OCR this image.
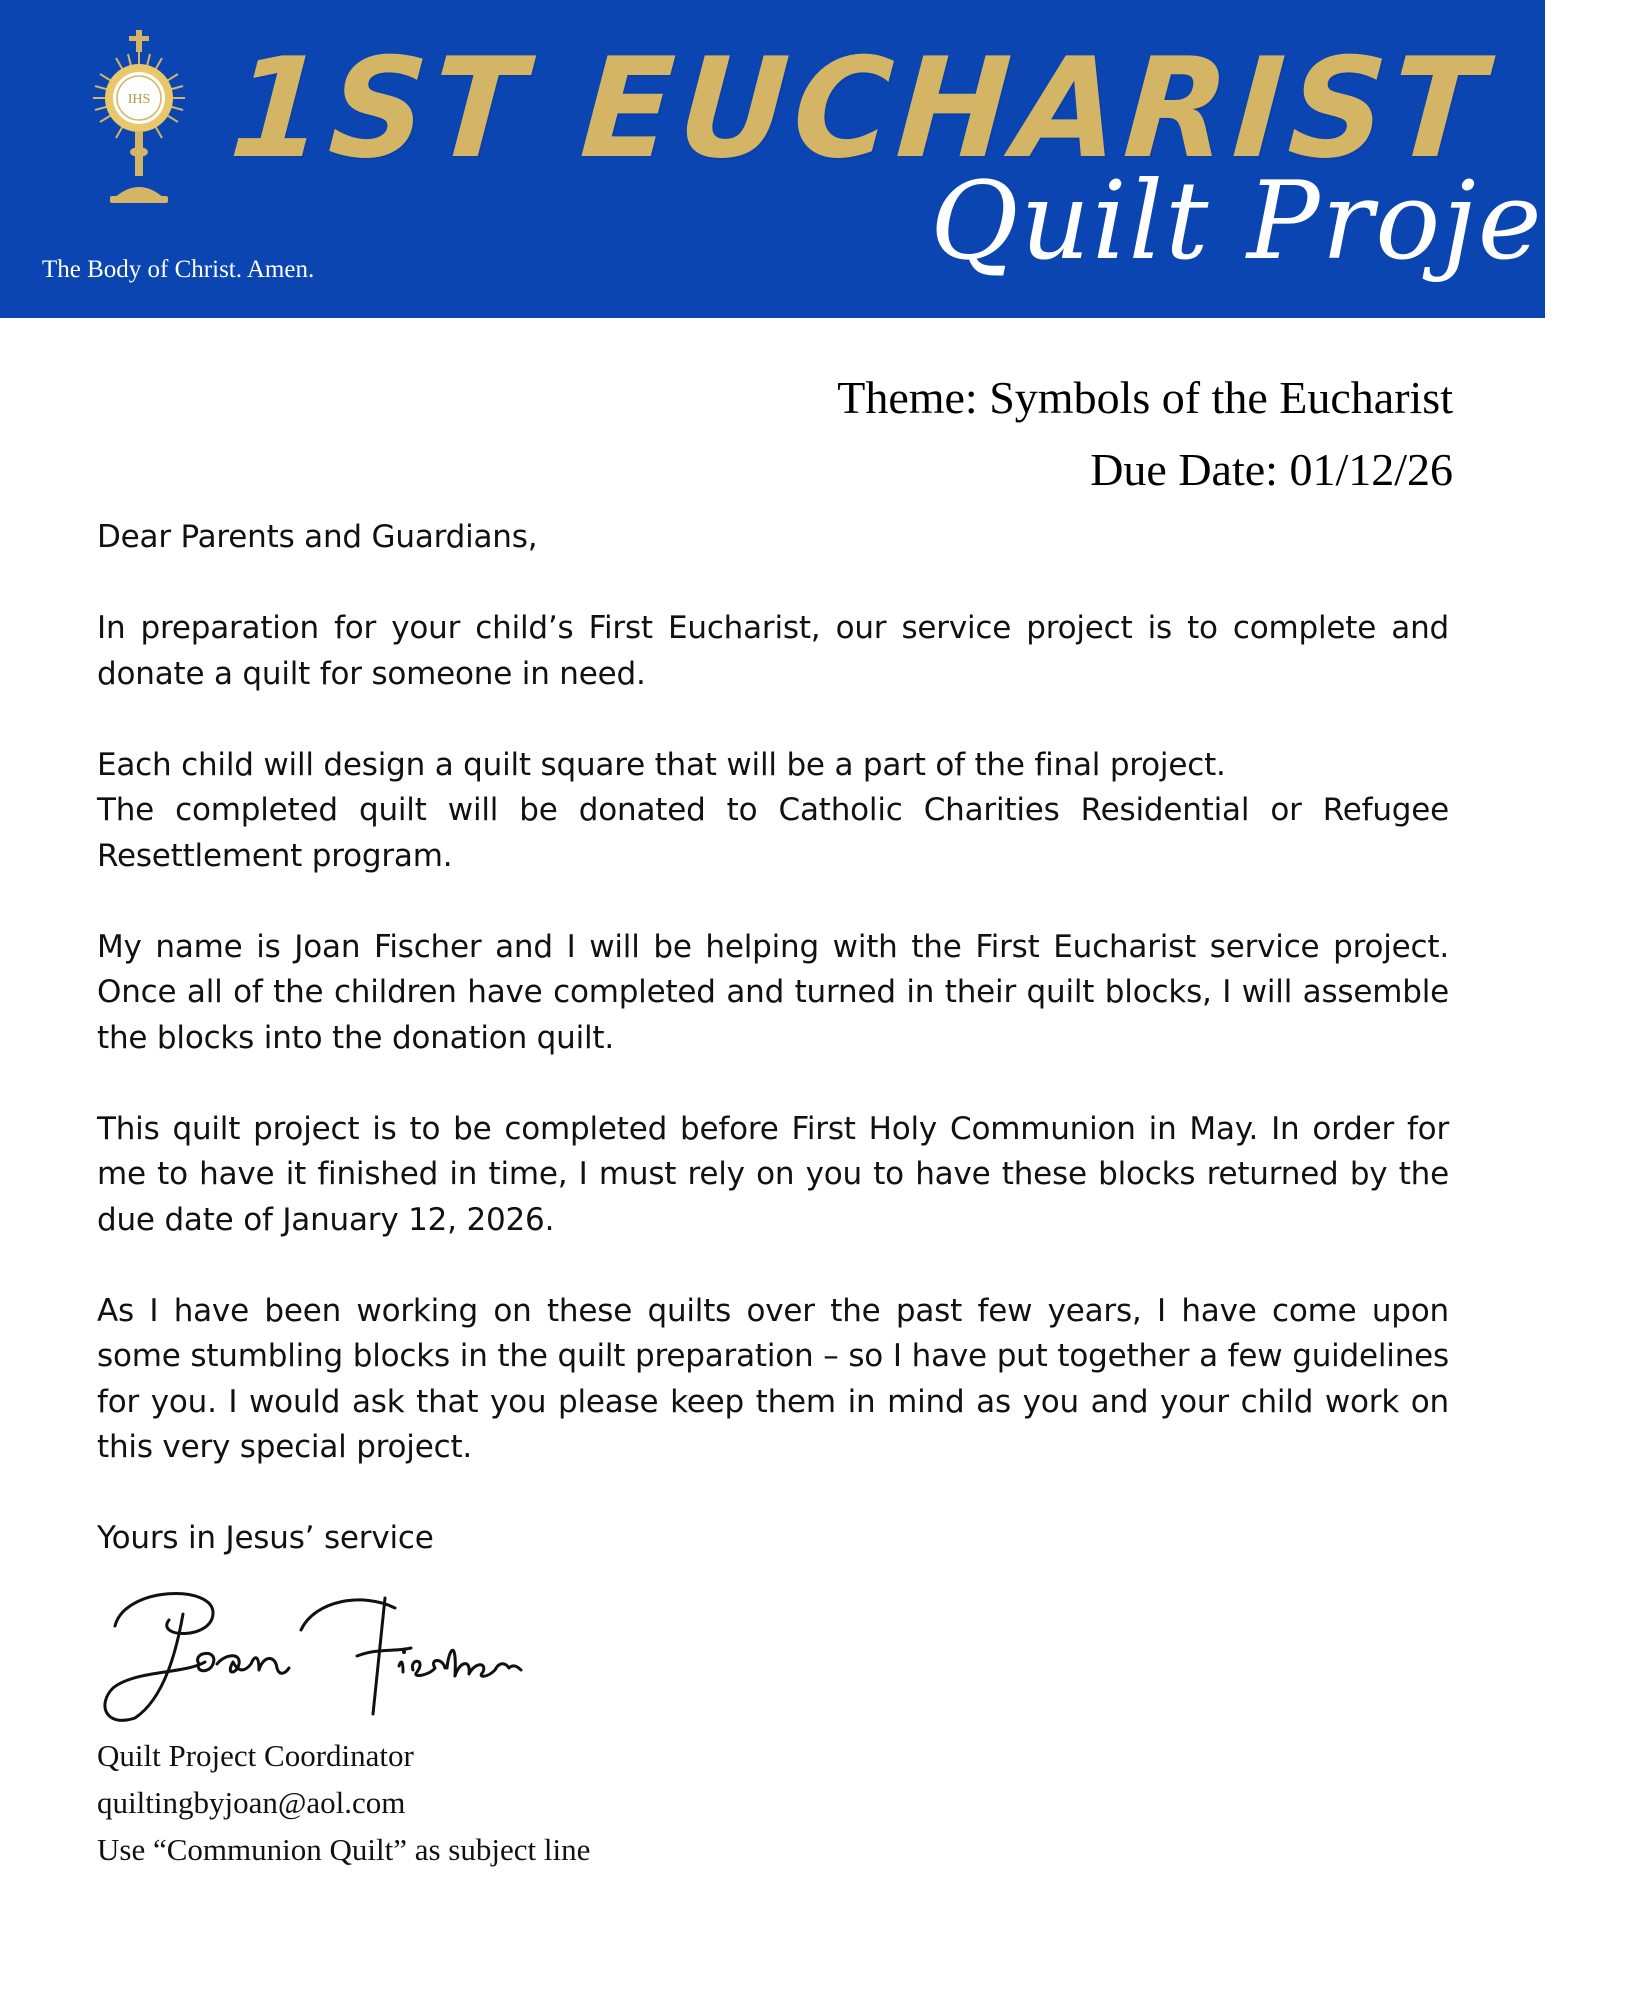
IHS 1ST EUCHARIST
Quilt Project
The Body of Christ. Amen.
Theme: Symbols of the Eucharist
Due Date: 01/12/26

Dear Parents and Guardians,

In preparation for your child’s First Eucharist, our service project is to complete and donate a quilt for someone in need.

Each child will design a quilt square that will be a part of the final project.

The completed quilt will be donated to Catholic Charities Residential or Refugee Resettlement program.

My name is Joan Fischer and I will be helping with the First Eucharist service project. Once all of the children have completed and turned in their quilt blocks, I will assemble the blocks into the donation quilt.

This quilt project is to be completed before First Holy Communion in May. In order for me to have it finished in time, I must rely on you to have these blocks returned by the due date of January 12, 2026.

As I have been working on these quilts over the past few years, I have come upon some stumbling blocks in the quilt preparation – so I have put together a few guidelines for you. I would ask that you please keep them in mind as you and your child work on this very special project.

Yours in Jesus’ service

Quilt Project Coordinator
quiltingbyjoan@aol.com
Use “Communion Quilt” as subject line
